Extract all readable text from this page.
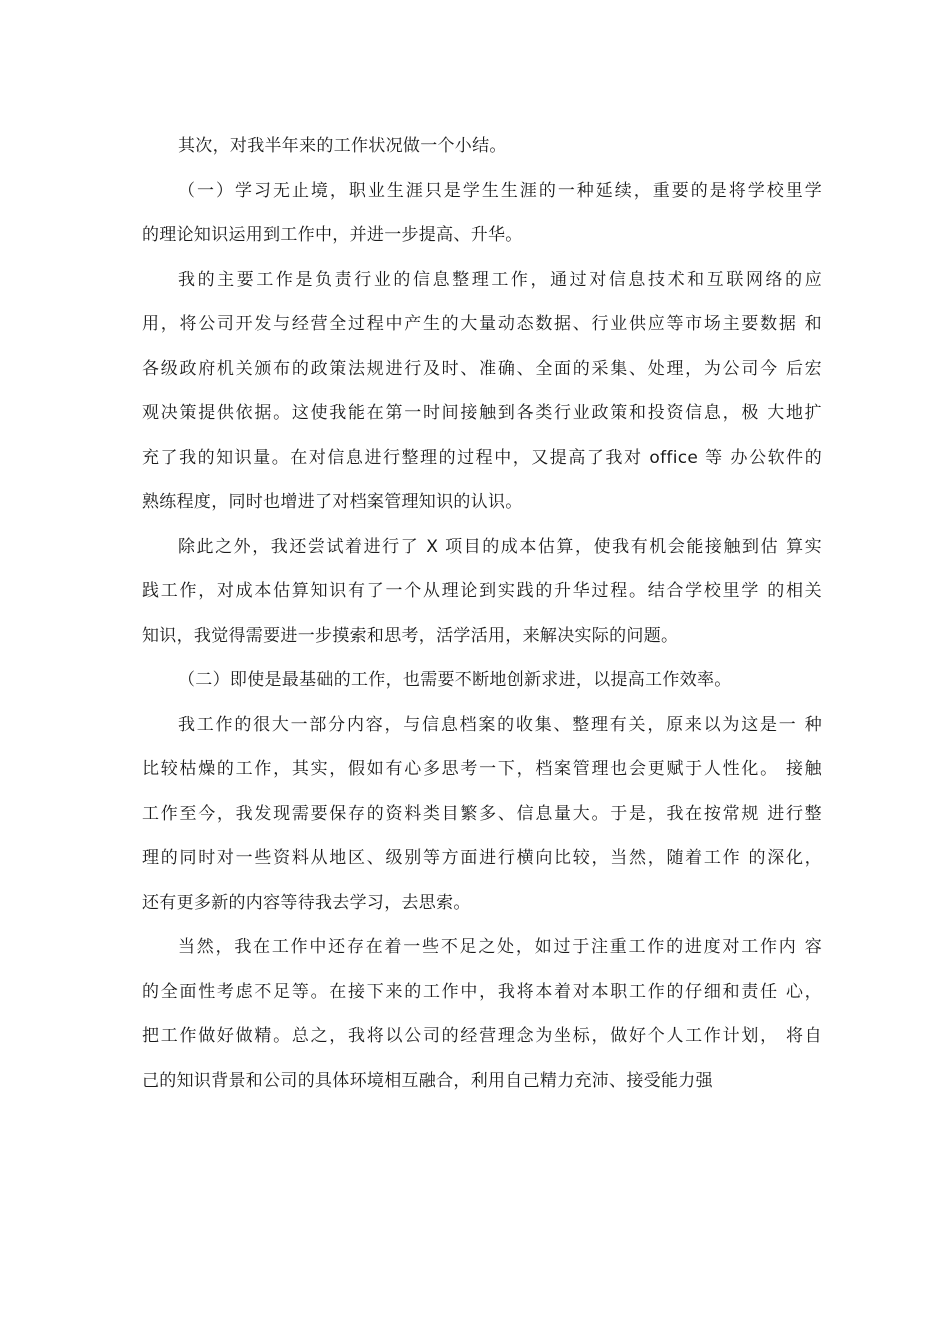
其次，对我半年来的工作状况做一个小结。
（一）学习无止境，职业生涯只是学生生涯的一种延续，重要的是将学校里学
的理论知识运用到工作中，并进一步提高、升华。
我的主要工作是负责行业的信息整理工作，通过对信息技术和互联网络的应
用，将公司开发与经营全过程中产生的大量动态数据、行业供应等市场主要数据 和
各级政府机关颁布的政策法规进行及时、准确、全面的采集、处理，为公司今 后宏
观决策提供依据。这使我能在第一时间接触到各类行业政策和投资信息，极 大地扩
充了我的知识量。在对信息进行整理的过程中，又提高了我对 office 等 办公软件的
熟练程度，同时也增进了对档案管理知识的认识。
除此之外，我还尝试着进行了 X 项目的成本估算，使我有机会能接触到估 算实
践工作，对成本估算知识有了一个从理论到实践的升华过程。结合学校里学 的相关
知识，我觉得需要进一步摸索和思考，活学活用，来解决实际的问题。
（二）即使是最基础的工作，也需要不断地创新求进，以提高工作效率。
我工作的很大一部分内容，与信息档案的收集、整理有关，原来以为这是一 种
比较枯燥的工作，其实，假如有心多思考一下，档案管理也会更赋于人性化。 接触
工作至今，我发现需要保存的资料类目繁多、信息量大。于是，我在按常规 进行整
理的同时对一些资料从地区、级别等方面进行横向比较，当然，随着工作 的深化，
还有更多新的内容等待我去学习，去思索。
当然，我在工作中还存在着一些不足之处，如过于注重工作的进度对工作内 容
的全面性考虑不足等。在接下来的工作中，我将本着对本职工作的仔细和责任 心，
把工作做好做精。总之，我将以公司的经营理念为坐标，做好个人工作计划， 将自
己的知识背景和公司的具体环境相互融合，利用自己精力充沛、接受能力强
